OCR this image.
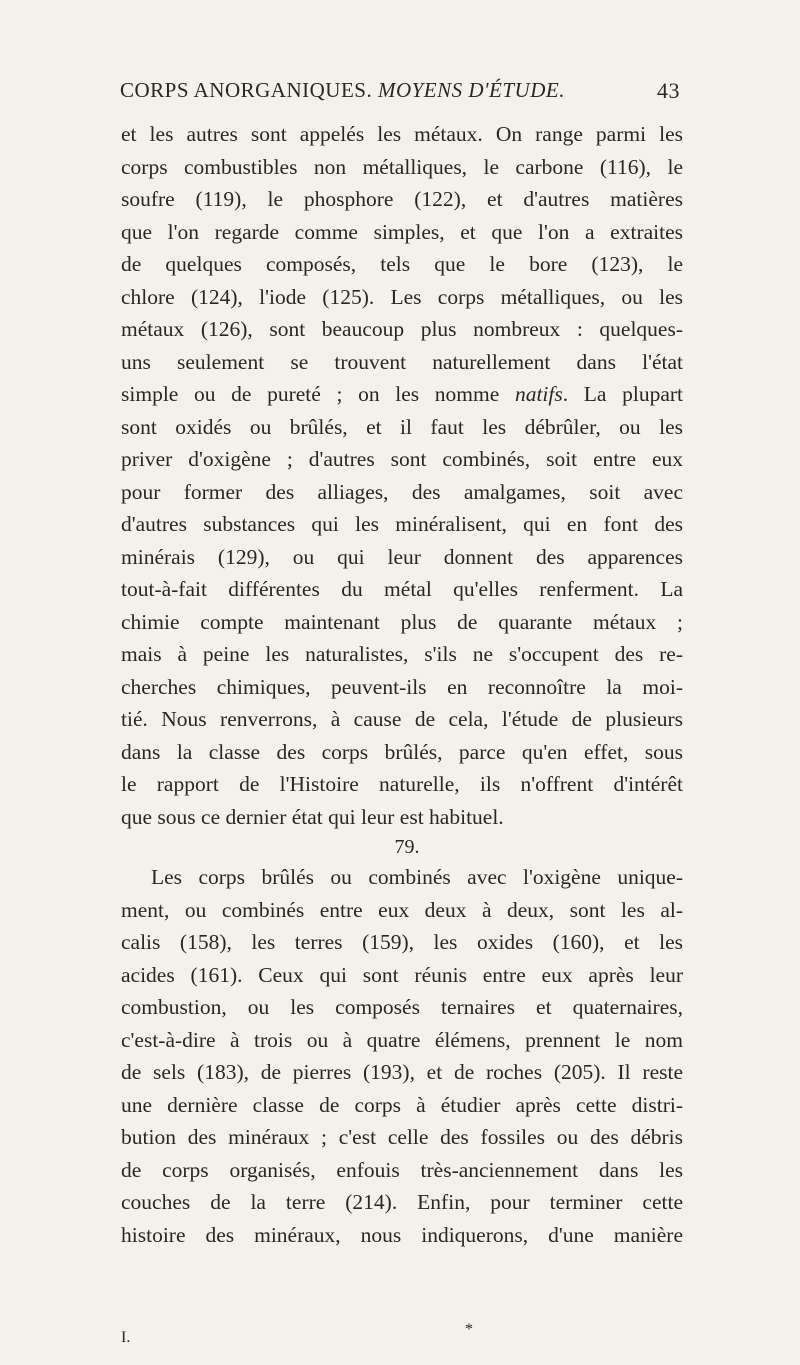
CORPS ANORGANIQUES. MOYENS D'ÉTUDE.	43
et les autres sont appelés les métaux. On range parmi les
corps combustibles non métalliques, le carbone (116), le
soufre (119), le phosphore (122), et d'autres matières
que l'on regarde comme simples, et que l'on a extraites
de quelques composés, tels que le bore (123), le
chlore (124), l'iode (125). Les corps métalliques, ou les
métaux (126), sont beaucoup plus nombreux : quelques-
uns seulement se trouvent naturellement dans l'état
simple ou de pureté ; on les nomme natifs. La plupart
sont oxidés ou brûlés, et il faut les débrûler, ou les
priver d'oxigène ; d'autres sont combinés, soit entre eux
pour former des alliages, des amalgames, soit avec
d'autres substances qui les minéralisent, qui en font des
minérais (129), ou qui leur donnent des apparences
tout-à-fait différentes du métal qu'elles renferment. La
chimie compte maintenant plus de quarante métaux ;
mais à peine les naturalistes, s'ils ne s'occupent des re-
cherches chimiques, peuvent-ils en reconnoître la moi-
tié. Nous renverrons, à cause de cela, l'étude de plusieurs
dans la classe des corps brûlés, parce qu'en effet, sous
le rapport de l'Histoire naturelle, ils n'offrent d'intérêt
que sous ce dernier état qui leur est habituel.
79.
Les corps brûlés ou combinés avec l'oxigène unique-
ment, ou combinés entre eux deux à deux, sont les al-
calis (158), les terres (159), les oxides (160), et les
acides (161). Ceux qui sont réunis entre eux après leur
combustion, ou les composés ternaires et quaternaires,
c'est-à-dire à trois ou à quatre élémens, prennent le nom
de sels (183), de pierres (193), et de roches (205). Il reste
une dernière classe de corps à étudier après cette distri-
bution des minéraux ; c'est celle des fossiles ou des débris
de corps organisés, enfouis très-anciennement dans les
couches de la terre (214). Enfin, pour terminer cette
histoire des minéraux, nous indiquerons, d'une manière
I.	*
